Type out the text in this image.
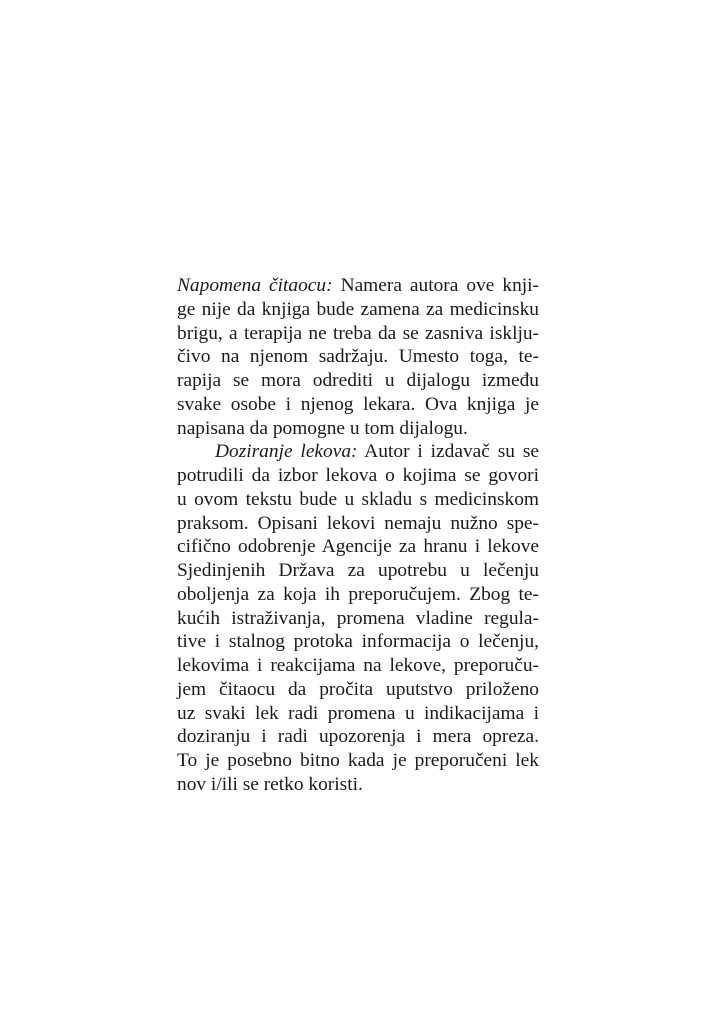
Napomena čitaocu: Namera autora ove knji-
ge nije da knjiga bude zamena za medicinsku
brigu, a terapija ne treba da se zasniva isklju-
čivo na njenom sadržaju. Umesto toga, te-
rapija se mora odrediti u dijalogu između
svake osobe i njenog lekara. Ova knjiga je
napisana da pomogne u tom dijalogu.
Doziranje lekova: Autor i izdavač su se
potrudili da izbor lekova o kojima se govori
u ovom tekstu bude u skladu s medicinskom
praksom. Opisani lekovi nemaju nužno spe-
cifično odobrenje Agencije za hranu i lekove
Sjedinjenih Država za upotrebu u lečenju
oboljenja za koja ih preporučujem. Zbog te-
kućih istraživanja, promena vladine regula-
tive i stalnog protoka informacija o lečenju,
lekovima i reakcijama na lekove, preporuču-
jem čitaocu da pročita uputstvo priloženo
uz svaki lek radi promena u indikacijama i
doziranju i radi upozorenja i mera opreza.
To je posebno bitno kada je preporučeni lek
nov i/ili se retko koristi.
